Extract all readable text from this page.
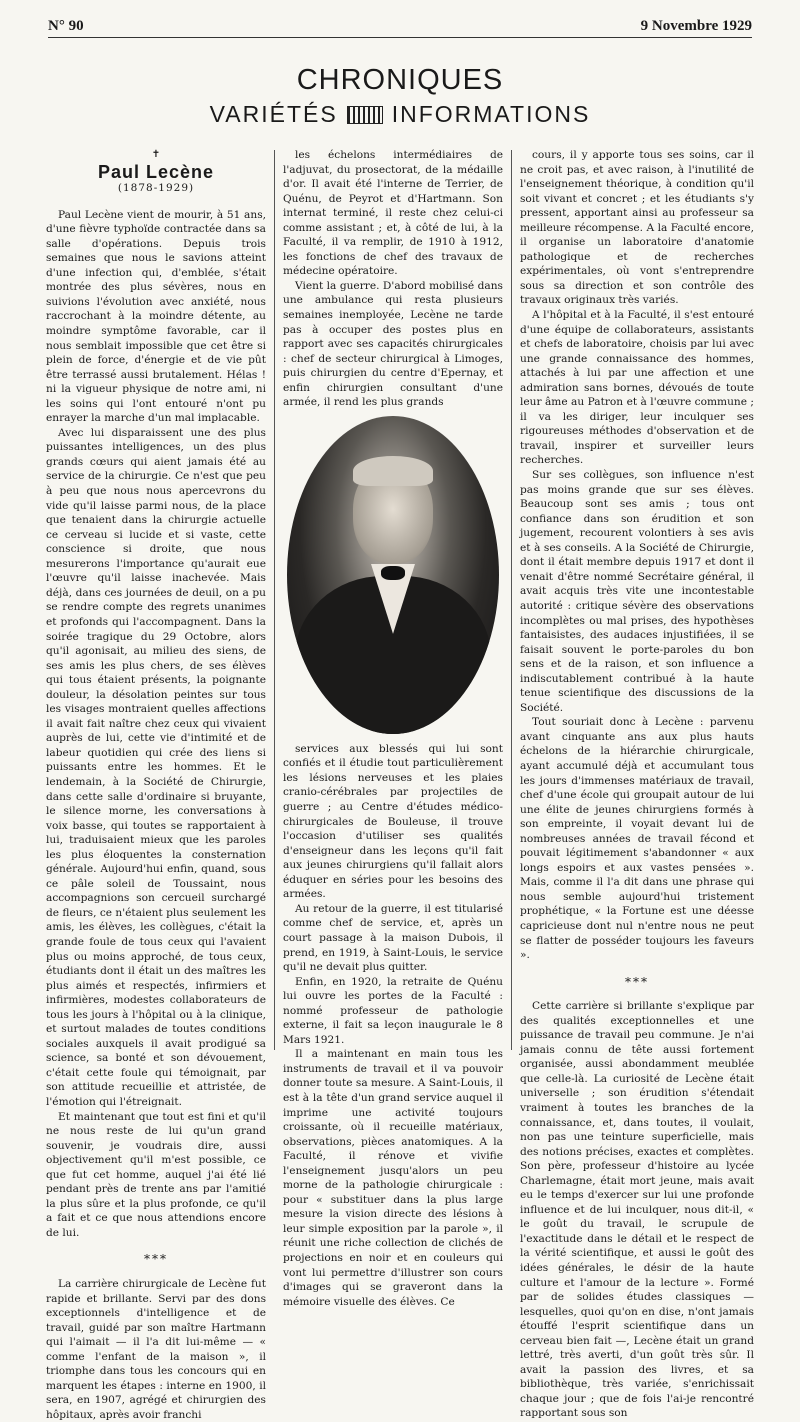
N° 90	9 Novembre 1929
CHRONIQUES
VARIÉTÉS INFORMATIONS
✝
Paul Lecène
(1878-1929)

Paul Lecène vient de mourir, à 51 ans, d'une fièvre typhoïde contractée dans sa salle d'opérations. Depuis trois semaines que nous le savions atteint d'une infection qui, d'emblée, s'était montrée des plus sévères, nous en suivions l'évolution avec anxiété, nous raccrochant à la moindre détente, au moindre symptôme favorable, car il nous semblait impossible que cet être si plein de force, d'énergie et de vie pût être terrassé aussi brutalement. Hélas ! ni la vigueur physique de notre ami, ni les soins qui l'ont entouré n'ont pu enrayer la marche d'un mal implacable.

Avec lui disparaissent une des plus puissantes intelligences, un des plus grands cœurs qui aient jamais été au service de la chirurgie. Ce n'est que peu à peu que nous nous apercevrons du vide qu'il laisse parmi nous, de la place que tenaient dans la chirurgie actuelle ce cerveau si lucide et si vaste, cette conscience si droite, que nous mesurerons l'importance qu'aurait eue l'œuvre qu'il laisse inachevée. Mais déjà, dans ces journées de deuil, on a pu se rendre compte des regrets unanimes et profonds qui l'accompagnent. Dans la soirée tragique du 29 Octobre, alors qu'il agonisait, au milieu des siens, de ses amis les plus chers, de ses élèves qui tous étaient présents, la poignante douleur, la désolation peintes sur tous les visages montraient quelles affections il avait fait naître chez ceux qui vivaient auprès de lui, cette vie d'intimité et de labeur quotidien qui crée des liens si puissants entre les hommes. Et le lendemain, à la Société de Chirurgie, dans cette salle d'ordinaire si bruyante, le silence morne, les conversations à voix basse, qui toutes se rapportaient à lui, traduisaient mieux que les paroles les plus éloquentes la consternation générale. Aujourd'hui enfin, quand, sous ce pâle soleil de Toussaint, nous accompagnions son cercueil surchargé de fleurs, ce n'étaient plus seulement les amis, les élèves, les collègues, c'était la grande foule de tous ceux qui l'avaient plus ou moins approché, de tous ceux, étudiants dont il était un des maîtres les plus aimés et respectés, infirmiers et infirmières, modestes collaborateurs de tous les jours à l'hôpital ou à la clinique, et surtout malades de toutes conditions sociales auxquels il avait prodigué sa science, sa bonté et son dévouement, c'était cette foule qui témoignait, par son attitude recueillie et attristée, de l'émotion qui l'étreignait.

Et maintenant que tout est fini et qu'il ne nous reste de lui qu'un grand souvenir, je voudrais dire, aussi objectivement qu'il m'est possible, ce que fut cet homme, auquel j'ai été lié pendant près de trente ans par l'amitié la plus sûre et la plus profonde, ce qu'il a fait et ce que nous attendions encore de lui.

***

La carrière chirurgicale de Lecène fut rapide et brillante. Servi par des dons exceptionnels d'intelligence et de travail, guidé par son maître Hartmann qui l'aimait — il l'a dit lui-même — « comme l'enfant de la maison », il triomphe dans tous les concours qui en marquent les étapes : interne en 1900, il sera, en 1907, agrégé et chirurgien des hôpitaux, après avoir franchi

les échelons intermédiaires de l'adjuvat, du prosectorat, de la médaille d'or. Il avait été l'interne de Terrier, de Quénu, de Peyrot et d'Hartmann. Son internat terminé, il reste chez celui-ci comme assistant ; et, à côté de lui, à la Faculté, il va remplir, de 1910 à 1912, les fonctions de chef des travaux de médecine opératoire.

Vient la guerre. D'abord mobilisé dans une ambulance qui resta plusieurs semaines inemployée, Lecène ne tarde pas à occuper des postes plus en rapport avec ses capacités chirurgicales : chef de secteur chirurgical à Limoges, puis chirurgien du centre d'Epernay, et enfin chirurgien consultant d'une armée, il rend les plus grands

services aux blessés qui lui sont confiés et il étudie tout particulièrement les lésions nerveuses et les plaies cranio-cérébrales par projectiles de guerre ; au Centre d'études médico-chirurgicales de Bouleuse, il trouve l'occasion d'utiliser ses qualités d'enseigneur dans les leçons qu'il fait aux jeunes chirurgiens qu'il fallait alors éduquer en séries pour les besoins des armées.

Au retour de la guerre, il est titularisé comme chef de service, et, après un court passage à la maison Dubois, il prend, en 1919, à Saint-Louis, le service qu'il ne devait plus quitter.

Enfin, en 1920, la retraite de Quénu lui ouvre les portes de la Faculté : nommé professeur de pathologie externe, il fait sa leçon inaugurale le 8 Mars 1921.

Il a maintenant en main tous les instruments de travail et il va pouvoir donner toute sa mesure. A Saint-Louis, il est à la tête d'un grand service auquel il imprime une activité toujours croissante, où il recueille matériaux, observations, pièces anatomiques. A la Faculté, il rénove et vivifie l'enseignement jusqu'alors un peu morne de la pathologie chirurgicale : pour « substituer dans la plus large mesure la vision directe des lésions à leur simple exposition par la parole », il réunit une riche collection de clichés de projections en noir et en couleurs qui vont lui permettre d'illustrer son cours d'images qui se graveront dans la mémoire visuelle des élèves. Ce

cours, il y apporte tous ses soins, car il ne croit pas, et avec raison, à l'inutilité de l'enseignement théorique, à condition qu'il soit vivant et concret ; et les étudiants s'y pressent, apportant ainsi au professeur sa meilleure récompense. A la Faculté encore, il organise un laboratoire d'anatomie pathologique et de recherches expérimentales, où vont s'entreprendre sous sa direction et son contrôle des travaux originaux très variés.

A l'hôpital et à la Faculté, il s'est entouré d'une équipe de collaborateurs, assistants et chefs de laboratoire, choisis par lui avec une grande connaissance des hommes, attachés à lui par une affection et une admiration sans bornes, dévoués de toute leur âme au Patron et à l'œuvre commune ; il va les diriger, leur inculquer ses rigoureuses méthodes d'observation et de travail, inspirer et surveiller leurs recherches.

Sur ses collègues, son influence n'est pas moins grande que sur ses élèves. Beaucoup sont ses amis ; tous ont confiance dans son érudition et son jugement, recourent volontiers à ses avis et à ses conseils. A la Société de Chirurgie, dont il était membre depuis 1917 et dont il venait d'être nommé Secrétaire général, il avait acquis très vite une incontestable autorité : critique sévère des observations incomplètes ou mal prises, des hypothèses fantaisistes, des audaces injustifiées, il se faisait souvent le porte-paroles du bon sens et de la raison, et son influence a indiscutablement contribué à la haute tenue scientifique des discussions de la Société.

Tout souriait donc à Lecène : parvenu avant cinquante ans aux plus hauts échelons de la hiérarchie chirurgicale, ayant accumulé déjà et accumulant tous les jours d'immenses matériaux de travail, chef d'une école qui groupait autour de lui une élite de jeunes chirurgiens formés à son empreinte, il voyait devant lui de nombreuses années de travail fécond et pouvait légitimement s'abandonner « aux longs espoirs et aux vastes pensées ». Mais, comme il l'a dit dans une phrase qui nous semble aujourd'hui tristement prophétique, « la Fortune est une déesse capricieuse dont nul n'entre nous ne peut se flatter de posséder toujours les faveurs ».

***

Cette carrière si brillante s'explique par des qualités exceptionnelles et une puissance de travail peu commune. Je n'ai jamais connu de tête aussi fortement organisée, aussi abondamment meublée que celle-là. La curiosité de Lecène était universelle ; son érudition s'étendait vraiment à toutes les branches de la connaissance, et, dans toutes, il voulait, non pas une teinture superficielle, mais des notions précises, exactes et complètes. Son père, professeur d'histoire au lycée Charlemagne, était mort jeune, mais avait eu le temps d'exercer sur lui une profonde influence et de lui inculquer, nous dit-il, « le goût du travail, le scrupule de l'exactitude dans le détail et le respect de la vérité scientifique, et aussi le goût des idées générales, le désir de la haute culture et l'amour de la lecture ». Formé par de solides études classiques — lesquelles, quoi qu'on en dise, n'ont jamais étouffé l'esprit scientifique dans un cerveau bien fait —, Lecène était un grand lettré, très averti, d'un goût très sûr. Il avait la passion des livres, et sa bibliothèque, très variée, s'enrichissait chaque jour ; que de fois l'ai-je rencontré rapportant sous son
